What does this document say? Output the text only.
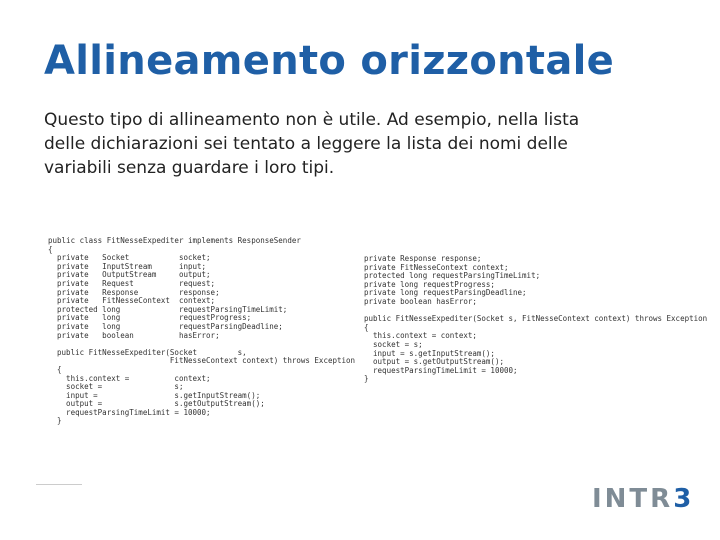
Allineamento orizzontale
Questo tipo di allineamento non è utile. Ad esempio, nella lista
delle dichiarazioni sei tentato a leggere la lista dei nomi delle
variabili senza guardare i loro tipi.
public class FitNesseExpediter implements ResponseSender
{
private   Socket           socket;
private   InputStream      input;
private   OutputStream     output;
private   Request          request;
private   Response         response;
private   FitNesseContext  context;
protected long             requestParsingTimeLimit;
private   long             requestProgress;
private   long             requestParsingDeadline;
private   boolean          hasError;

public FitNesseExpediter(Socket         s,
FitNesseContext context) throws Exception
{
this.context =          context;
socket =                s;
input =                 s.getInputStream();
output =                s.getOutputStream();
requestParsingTimeLimit = 10000;
}
private Response response;
private FitNesseContext context;
protected long requestParsingTimeLimit;
private long requestProgress;
private long requestParsingDeadline;
private boolean hasError;

public FitNesseExpediter(Socket s, FitNesseContext context) throws Exception
{
this.context = context;
socket = s;
input = s.getInputStream();
output = s.getOutputStream();
requestParsingTimeLimit = 10000;
}
INTR3
